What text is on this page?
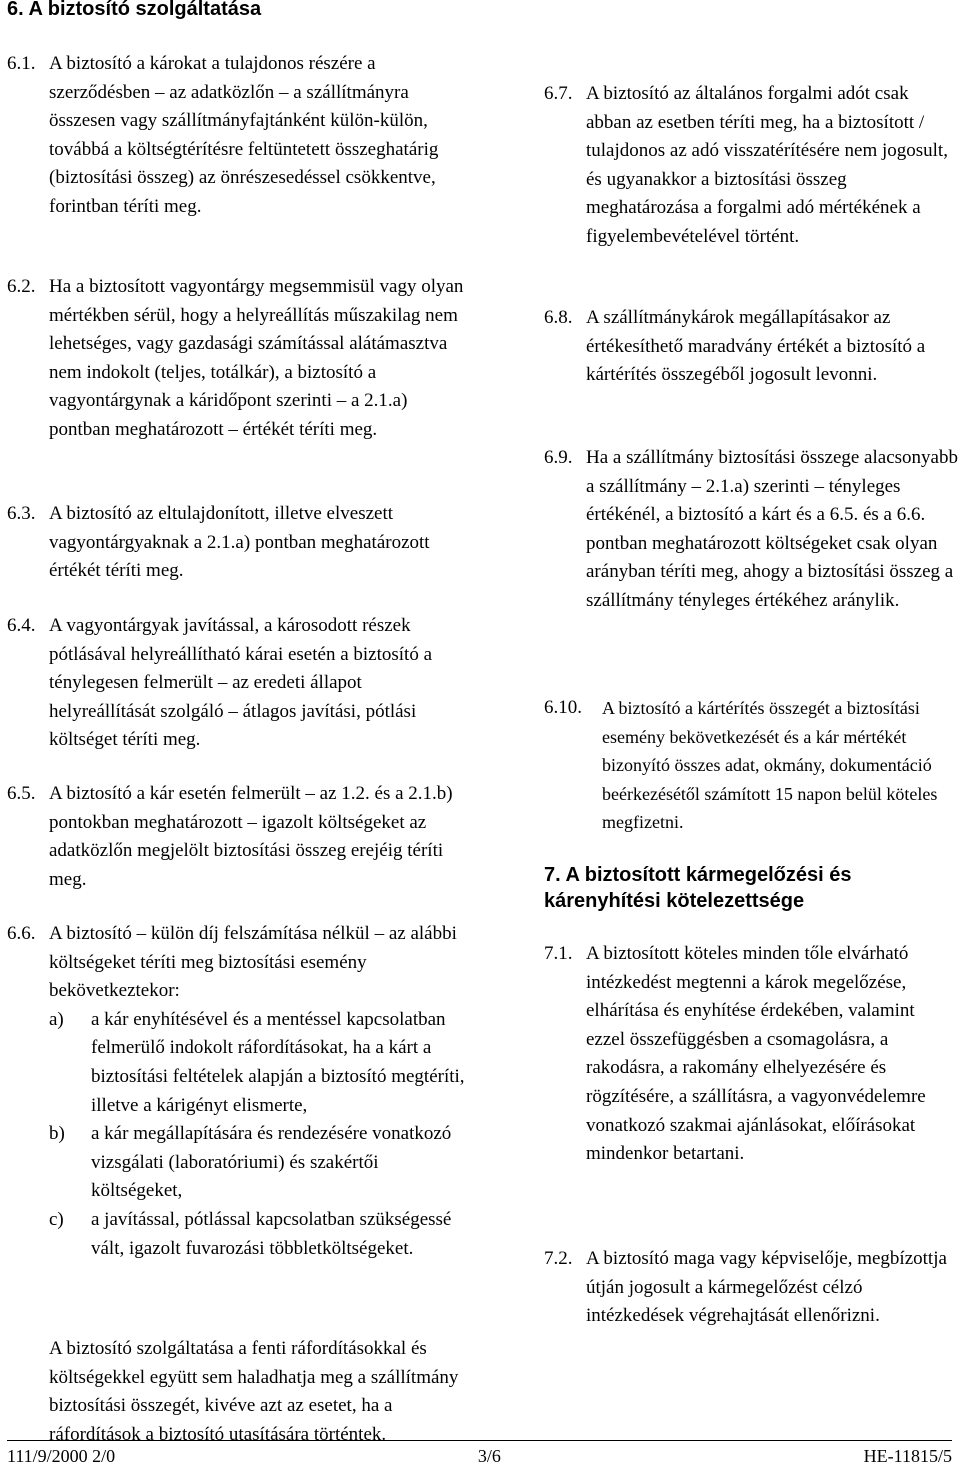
6. A biztosító szolgáltatása
6.1. A biztosító a károkat a tulajdonos részére a szerződésben – az adatközlőn – a szállítmányra összesen vagy szállítmányfajtánként külön-külön, továbbá a költségtérítésre feltüntetett összeghatárig (biztosítási összeg) az önrészesedéssel csökkentve, forintban téríti meg.
6.2. Ha a biztosított vagyontárgy megsemmisül vagy olyan mértékben sérül, hogy a helyreállítás műszakilag nem lehetséges, vagy gazdasági számítással alátámasztva nem indokolt (teljes, totálkár), a biztosító a vagyontárgynak a káridőpont szerinti – a 2.1.a) pontban meghatározott – értékét téríti meg.
6.3. A biztosító az eltulajdonított, illetve elveszett vagyontárgyaknak a 2.1.a) pontban meghatározott értékét téríti meg.
6.4. A vagyontárgyak javítással, a károsodott részek pótlásával helyreállítható kárai esetén a biztosító a ténylegesen felmerült – az eredeti állapot helyreállítását szolgáló – átlagos javítási, pótlási költséget téríti meg.
6.5. A biztosító a kár esetén felmerült – az 1.2. és a 2.1.b) pontokban meghatározott – igazolt költségeket az adatközlőn megjelölt biztosítási összeg erejéig téríti meg.
6.6. A biztosító – külön díj felszámítása nélkül – az alábbi költségeket téríti meg biztosítási esemény bekövetkeztekor:
a) a kár enyhítésével és a mentéssel kapcsolatban felmerülő indokolt ráfordításokat, ha a kárt a biztosítási feltételek alapján a biztosító megtéríti, illetve a kárigényt elismerte,
b) a kár megállapítására és rendezésére vonatkozó vizsgálati (laboratóriumi) és szakértői költségeket,
c) a javítással, pótlással kapcsolatban szükségessé vált, igazolt fuvarozási többletköltségeket.

A biztosító szolgáltatása a fenti ráfordításokkal és költségekkel együtt sem haladhatja meg a szállítmány biztosítási összegét, kivéve azt az esetet, ha a ráfordítások a biztosító utasítására történtek.

6.7. A biztosító az általános forgalmi adót csak abban az esetben téríti meg, ha a biztosított / tulajdonos az adó visszatérítésére nem jogosult, és ugyanakkor a biztosítási összeg meghatározása a forgalmi adó mértékének a figyelembevételével történt.
6.8. A szállítmánykárok megállapításakor az értékesíthető maradvány értékét a biztosító a kártérítés összegéből jogosult levonni.
6.9. Ha a szállítmány biztosítási összege alacsonyabb a szállítmány – 2.1.a) szerinti – tényleges értékénél, a biztosító a kárt és a 6.5. és a 6.6. pontban meghatározott költségeket csak olyan arányban téríti meg, ahogy a biztosítási összeg a szállítmány tényleges értékéhez aránylik.
6.10. A biztosító a kártérítés összegét a biztosítási esemény bekövetkezését és a kár mértékét bizonyító összes adat, okmány, dokumentáció beérkezésétől számított 15 napon belül köteles megfizetni.
7. A biztosított kármegelőzési és kárenyhítési kötelezettsége
7.1. A biztosított köteles minden tőle elvárható intézkedést megtenni a károk megelőzése, elhárítása és enyhítése érdekében, valamint ezzel összefüggésben a csomagolásra, a rakodásra, a rakomány elhelyezésére és rögzítésére, a szállításra, a vagyonvédelemre vonatkozó szakmai ajánlásokat, előírásokat mindenkor betartani.
7.2. A biztosító maga vagy képviselője, megbízottja útján jogosult a kármegelőzést célzó intézkedések végrehajtását ellenőrizni.
111/9/2000 2/0	3/6	HE-11815/5
